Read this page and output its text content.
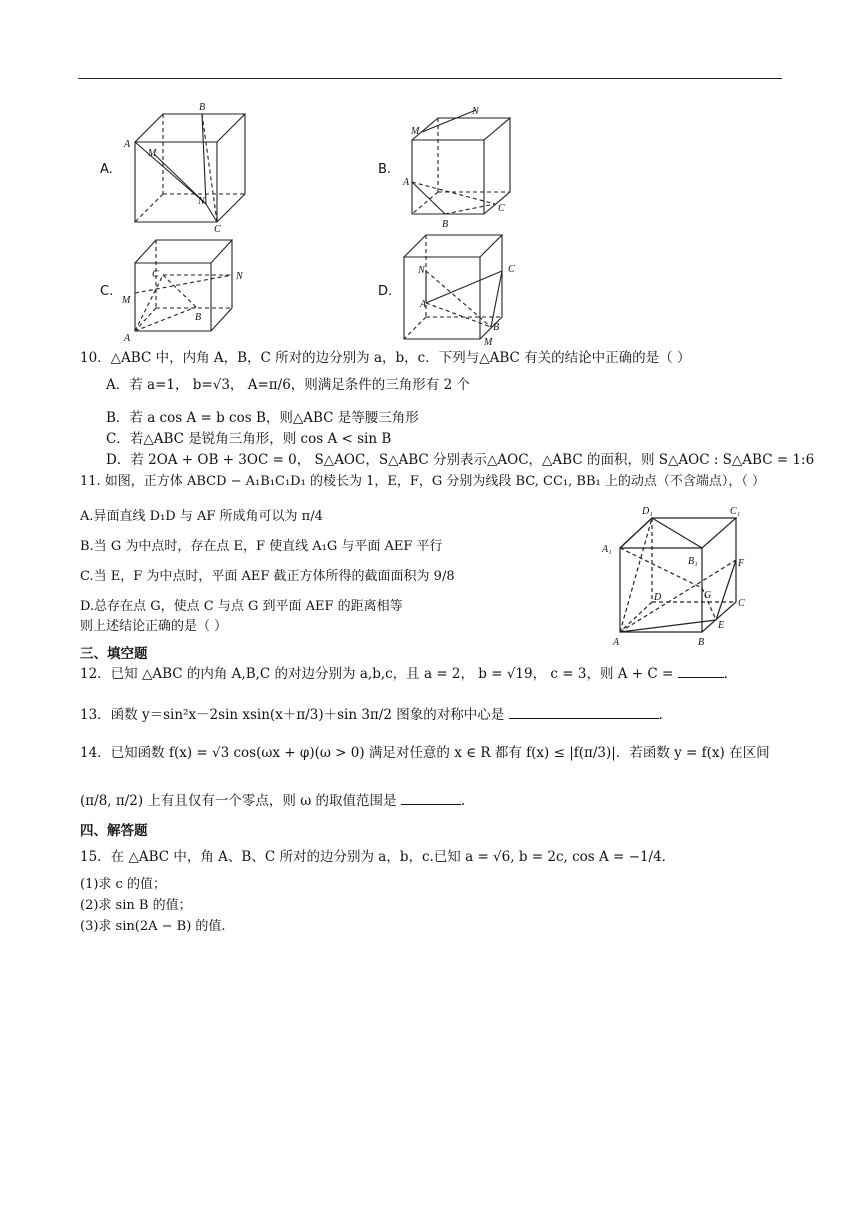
A.
B
A
M
N
C
B.
N
M
A
C
B
C.
C	N
M
B
A
D.
N	C
A
B
M
10．△ABC 中，内角 A，B，C 所对的边分别为 a，b，c．下列与△ABC 有关的结论中正确的是（ ）
A．若 a=1， b=√3， A=π/6，则满足条件的三角形有 2 个
B．若 a cos A = b cos B，则△ABC 是等腰三角形
C．若△ABC 是锐角三角形，则 cos A < sin B
D．若 2OA + OB + 3OC = 0， S△AOC，S△ABC 分别表示△AOC，△ABC 的面积，则 S△AOC : S△ABC = 1:6
11. 如图，正方体 ABCD − A₁B₁C₁D₁ 的棱长为 1，E，F，G 分别为线段 BC, CC₁, BB₁ 上的动点（不含端点），（ ）
A.异面直线 D₁D 与 AF 所成角可以为 π/4
B.当 G 为中点时，存在点 E，F 使直线 A₁G 与平面 AEF 平行
C.当 E，F 为中点时，平面 AEF 截正方体所得的截面面积为 9/8
D.总存在点 G，使点 C 与点 G 到平面 AEF 的距离相等
则上述结论正确的是（ ）
D₁	C₁
A₁
B₁	F
D	G
C
E
A	B
三、填空题
12．已知 △ABC 的内角 A,B,C 的对边分别为 a,b,c，且 a = 2， b = √19， c = 3，则 A + C =	.
13．函数 y＝sin²x－2sin xsin(x＋π/3)＋sin 3π/2 图象的对称中心是	.
14．已知函数 f(x) = √3 cos(ωx + φ)(ω > 0) 满足对任意的 x ∈ R 都有 f(x) ≤ |f(π/3)|．若函数 y = f(x) 在区间
(π/8, π/2) 上有且仅有一个零点，则 ω 的取值范围是	.
四、解答题
15．在 △ABC 中，角 A、B、C 所对的边分别为 a，b，c.已知 a = √6, b = 2c, cos A = −1/4．
(1)求 c 的值；
(2)求 sin B 的值；
(3)求 sin(2A − B) 的值.
